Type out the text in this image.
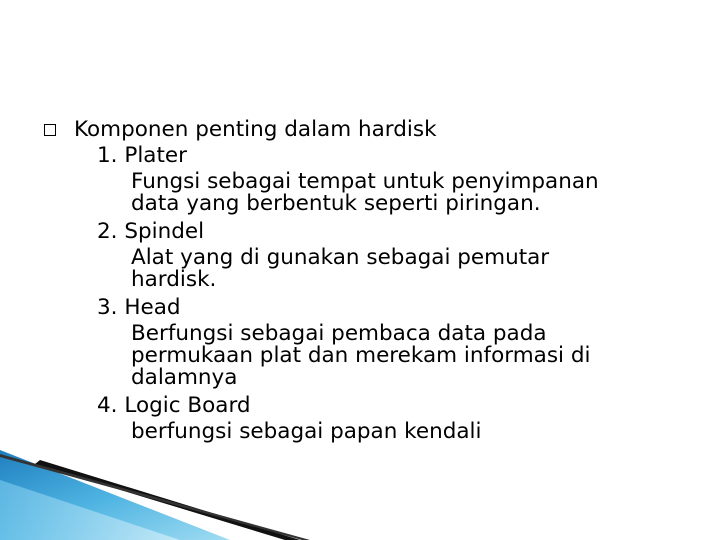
Komponen penting dalam hardisk
1. Plater
Fungsi sebagai tempat untuk penyimpanan
data yang berbentuk seperti piringan.
2. Spindel
Alat yang di gunakan sebagai pemutar
hardisk.
3. Head
Berfungsi sebagai pembaca data pada
permukaan plat dan merekam informasi di
dalamnya
4. Logic Board
berfungsi sebagai papan kendali
